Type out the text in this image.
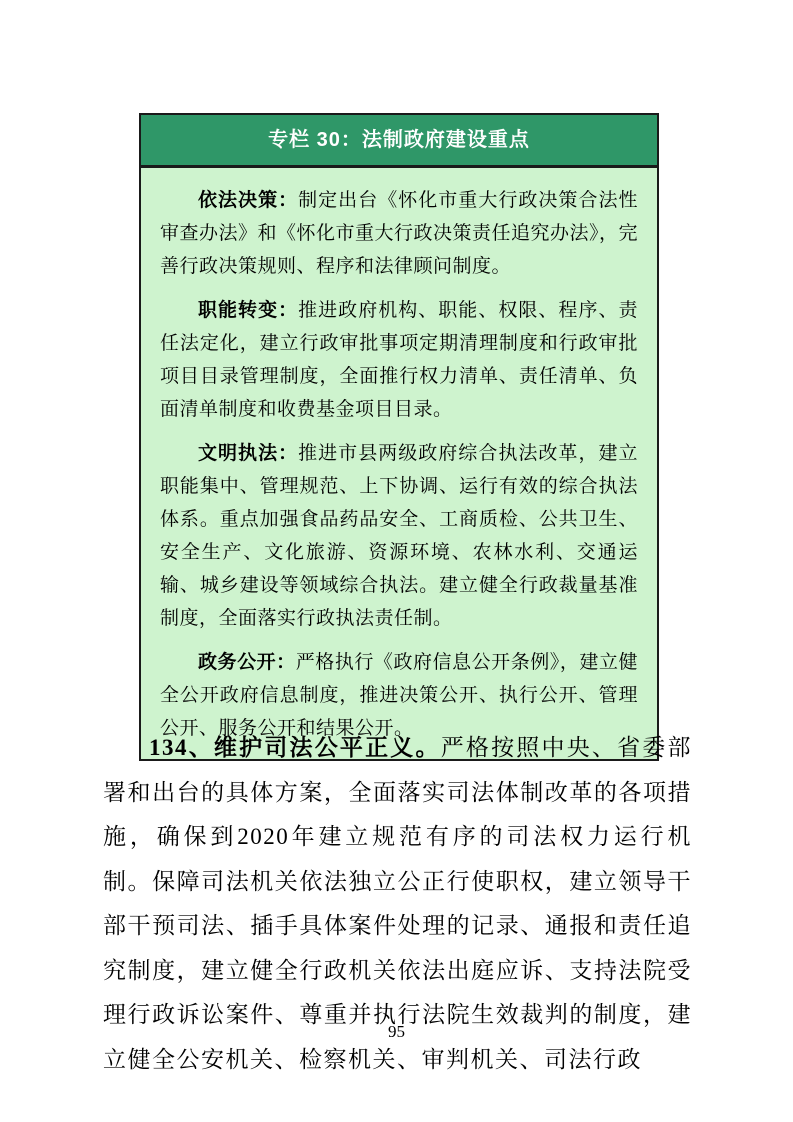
专栏 30：法制政府建设重点

依法决策：制定出台《怀化市重大行政决策合法性审查办法》和《怀化市重大行政决策责任追究办法》，完善行政决策规则、程序和法律顾问制度。

职能转变：推进政府机构、职能、权限、程序、责任法定化，建立行政审批事项定期清理制度和行政审批项目目录管理制度，全面推行权力清单、责任清单、负面清单制度和收费基金项目目录。

文明执法：推进市县两级政府综合执法改革，建立职能集中、管理规范、上下协调、运行有效的综合执法体系。重点加强食品药品安全、工商质检、公共卫生、安全生产、文化旅游、资源环境、农林水利、交通运输、城乡建设等领域综合执法。建立健全行政裁量基准制度，全面落实行政执法责任制。

政务公开：严格执行《政府信息公开条例》，建立健全公开政府信息制度，推进决策公开、执行公开、管理公开、服务公开和结果公开。

134、维护司法公平正义。严格按照中央、省委部署和出台的具体方案，全面落实司法体制改革的各项措施，确保到2020年建立规范有序的司法权力运行机制。保障司法机关依法独立公正行使职权，建立领导干部干预司法、插手具体案件处理的记录、通报和责任追究制度，建立健全行政机关依法出庭应诉、支持法院受理行政诉讼案件、尊重并执行法院生效裁判的制度，建立健全公安机关、检察机关、审判机关、司法行政

95
